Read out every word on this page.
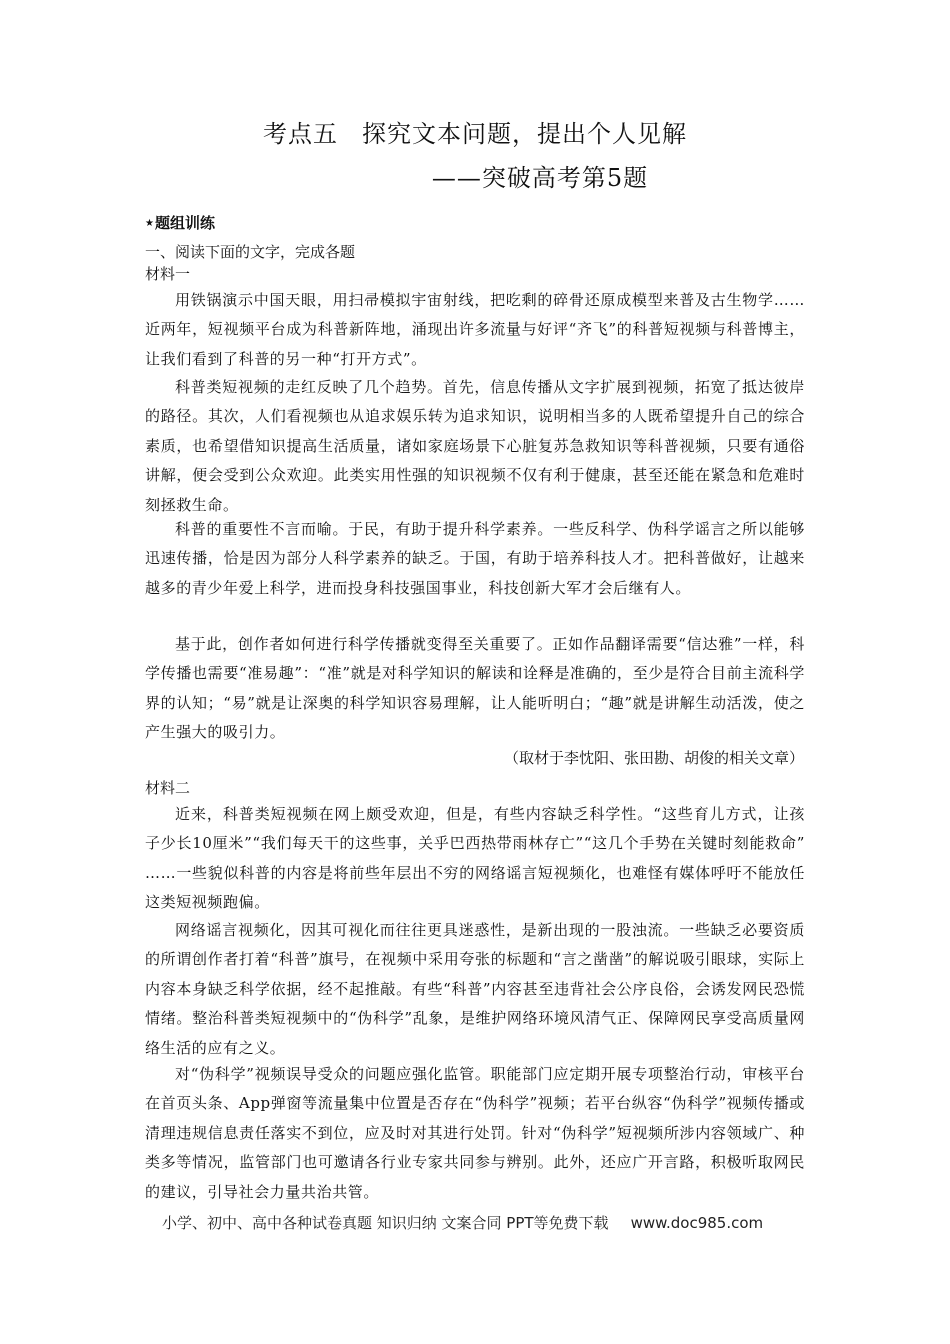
考点五 探究文本问题，提出个人见解
——突破高考第5题
★题组训练
一、阅读下面的文字，完成各题
材料一
用铁锅演示中国天眼，用扫帚模拟宇宙射线，把吃剩的碎骨还原成模型来普及古生物学……近两年，短视频平台成为科普新阵地，涌现出许多流量与好评“齐飞”的科普短视频与科普博主，让我们看到了科普的另一种“打开方式”。
科普类短视频的走红反映了几个趋势。首先，信息传播从文字扩展到视频，拓宽了抵达彼岸的路径。其次，人们看视频也从追求娱乐转为追求知识，说明相当多的人既希望提升自己的综合素质，也希望借知识提高生活质量，诸如家庭场景下心脏复苏急救知识等科普视频，只要有通俗讲解，便会受到公众欢迎。此类实用性强的知识视频不仅有利于健康，甚至还能在紧急和危难时刻拯救生命。
科普的重要性不言而喻。于民，有助于提升科学素养。一些反科学、伪科学谣言之所以能够迅速传播，恰是因为部分人科学素养的缺乏。于国，有助于培养科技人才。把科普做好，让越来越多的青少年爱上科学，进而投身科技强国事业，科技创新大军才会后继有人。
基于此，创作者如何进行科学传播就变得至关重要了。正如作品翻译需要“信达雅”一样，科学传播也需要“准易趣”：“准”就是对科学知识的解读和诠释是准确的，至少是符合目前主流科学界的认知；“易”就是让深奥的科学知识容易理解，让人能听明白；“趣”就是讲解生动活泼，使之产生强大的吸引力。
（取材于李忱阳、张田勘、胡俊的相关文章）
材料二
近来，科普类短视频在网上颇受欢迎，但是，有些内容缺乏科学性。“这些育儿方式，让孩子少长10厘米”“我们每天干的这些事，关乎巴西热带雨林存亡”“这几个手势在关键时刻能救命” ……一些貌似科普的内容是将前些年层出不穷的网络谣言短视频化，也难怪有媒体呼吁不能放任这类短视频跑偏。
网络谣言视频化，因其可视化而往往更具迷惑性，是新出现的一股浊流。一些缺乏必要资质的所谓创作者打着“科普”旗号，在视频中采用夸张的标题和“言之凿凿”的解说吸引眼球，实际上内容本身缺乏科学依据，经不起推敲。有些“科普”内容甚至违背社会公序良俗，会诱发网民恐慌情绪。整治科普类短视频中的“伪科学”乱象，是维护网络环境风清气正、保障网民享受高质量网络生活的应有之义。
对“伪科学”视频误导受众的问题应强化监管。职能部门应定期开展专项整治行动，审核平台在首页头条、App弹窗等流量集中位置是否存在“伪科学”视频；若平台纵容“伪科学”视频传播或清理违规信息责任落实不到位，应及时对其进行处罚。针对“伪科学”短视频所涉内容领域广、种类多等情况，监管部门也可邀请各行业专家共同参与辨别。此外，还应广开言路，积极听取网民的建议，引导社会力量共治共管。
小学、初中、高中各种试卷真题 知识归纳 文案合同 PPT等免费下载 www.doc985.com
